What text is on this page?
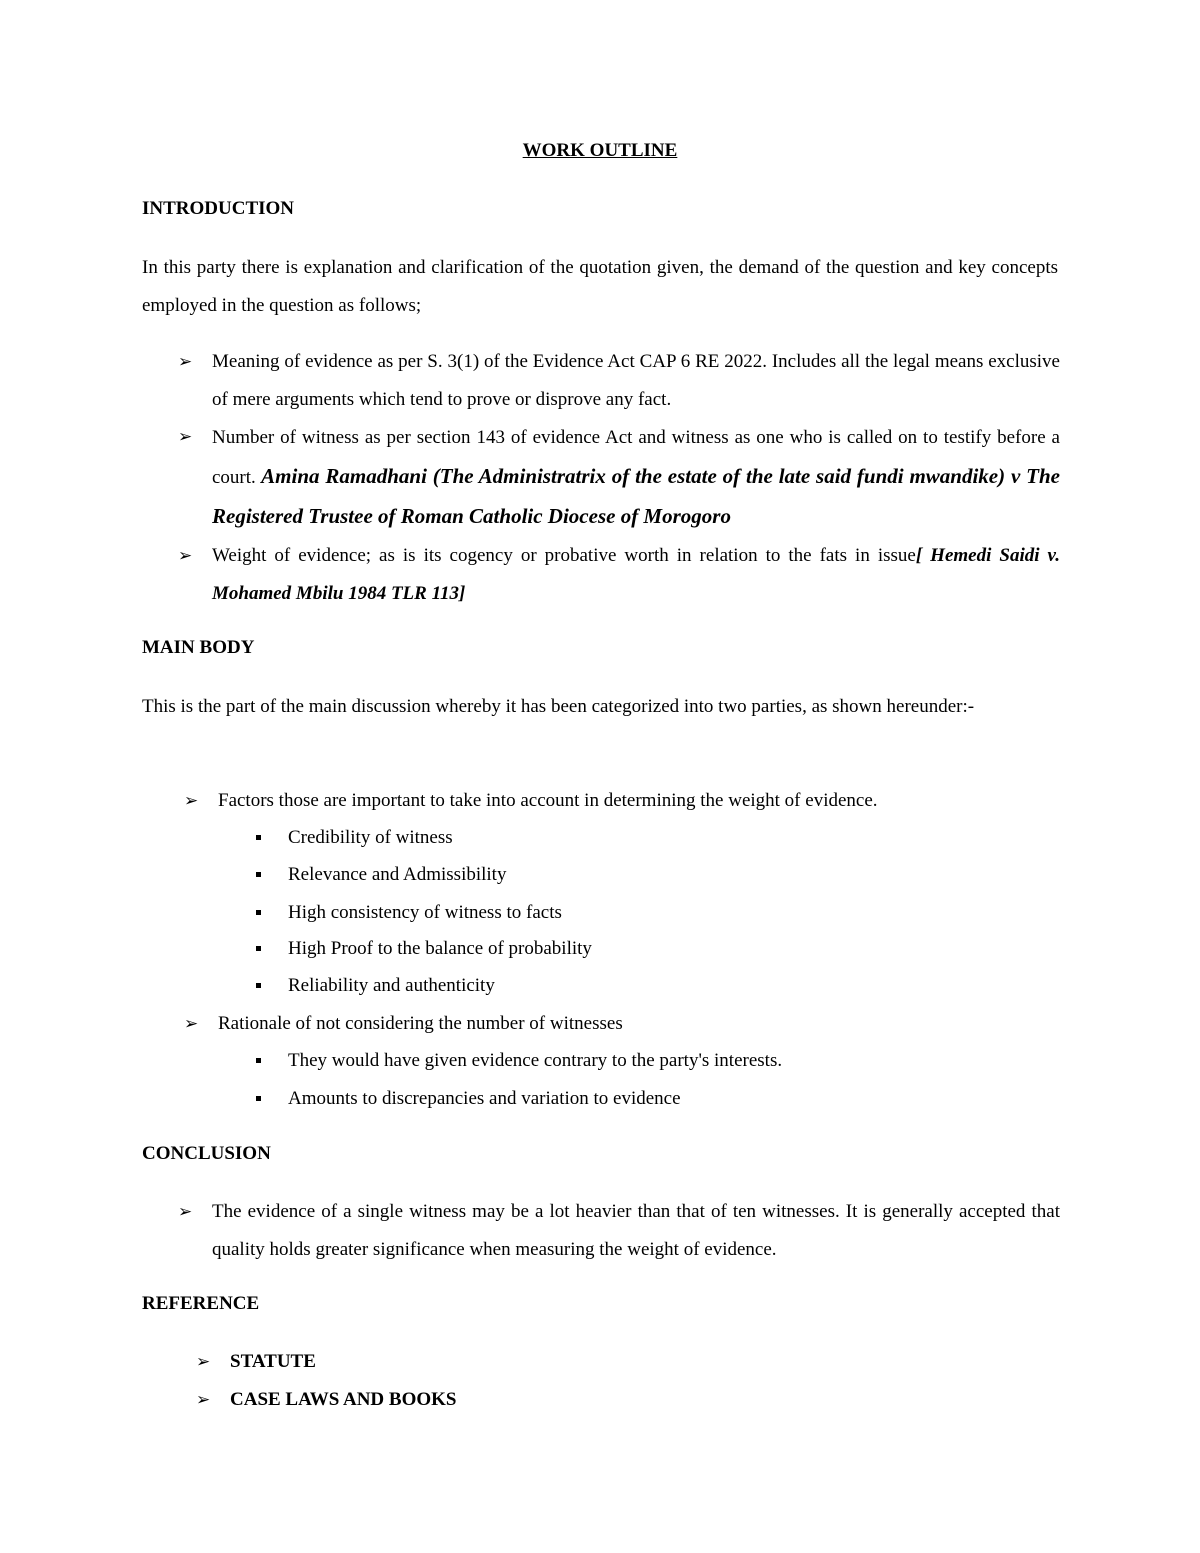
WORK OUTLINE
INTRODUCTION
In this party there is explanation and clarification of the quotation given, the demand of the question and key concepts employed in the question as follows;
➢ Meaning of evidence as per S. 3(1) of the Evidence Act CAP 6 RE 2022. Includes all the legal means exclusive of mere arguments which tend to prove or disprove any fact.
➢ Number of witness as per section 143 of evidence Act and witness as one who is called on to testify before a court. Amina Ramadhani (The Administratrix of the estate of the late said fundi mwandike) v The Registered Trustee of Roman Catholic Diocese of Morogoro
➢ Weight of evidence; as is its cogency or probative worth in relation to the fats in issue[ Hemedi Saidi v. Mohamed Mbilu 1984 TLR 113]
MAIN BODY
This is the part of the main discussion whereby it has been categorized into two parties, as shown hereunder:-
➢ Factors those are important to take into account in determining the weight of evidence.
Credibility of witness
Relevance and Admissibility
High consistency of witness to facts
High Proof to the balance of probability
Reliability and authenticity
➢ Rationale of not considering the number of witnesses
They would have given evidence contrary to the party's interests.
Amounts to discrepancies and variation to evidence
CONCLUSION
➢ The evidence of a single witness may be a lot heavier than that of ten witnesses. It is generally accepted that quality holds greater significance when measuring the weight of evidence.
REFERENCE
➢ STATUTE
➢ CASE LAWS AND BOOKS
